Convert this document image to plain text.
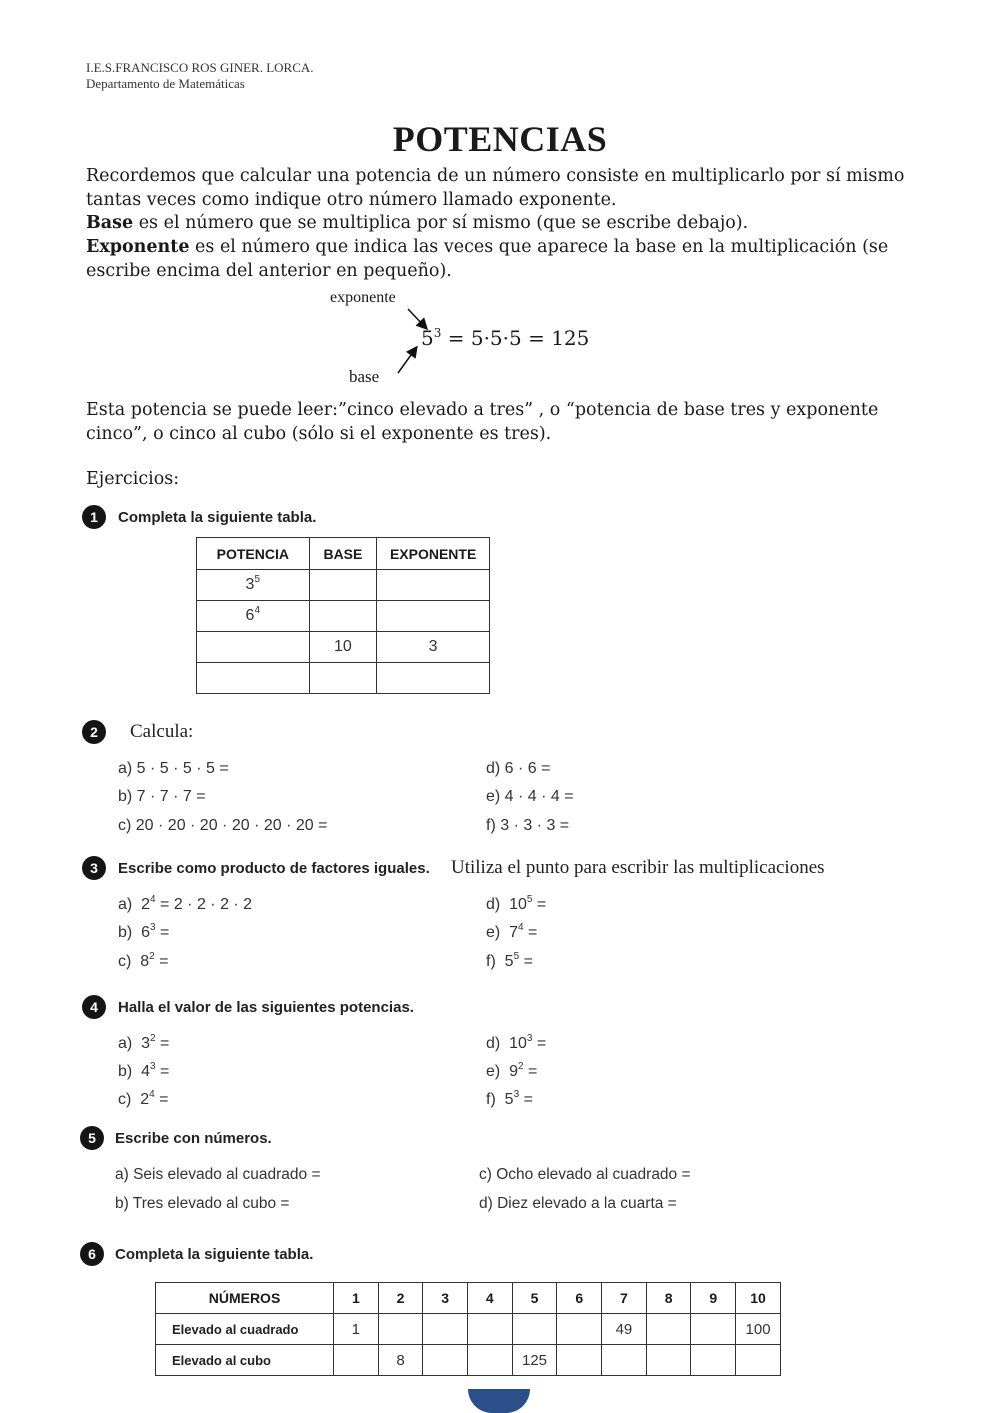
I.E.S.FRANCISCO ROS GINER. LORCA.
Departamento de Matemáticas
POTENCIAS
Recordemos que calcular una potencia de un número consiste en multiplicarlo por sí mismo tantas veces como indique otro número llamado exponente.
Base es el número que se multiplica por sí mismo (que se escribe debajo).
Exponente es el número que indica las veces que aparece la base en la multiplicación (se escribe encima del anterior en pequeño).
exponente
base
$5^3 = 5\cdot 5\cdot 5 = 125$
Esta potencia se puede leer:”cinco elevado a tres” , o “potencia de base tres y exponente cinco”, o cinco al cubo (sólo si el exponente es tres).
Ejercicios:
1	Completa la siguiente tabla.
POTENCIA	BASE	EXPONENTE
$3^5$		
$6^4$		
	10	3

2	Calcula:
a) 5 · 5 · 5 · 5 =
b) 7 · 7 · 7 =
c) 20 · 20 · 20 · 20 · 20 · 20 =
d) 6 · 6 =
e) 4 · 4 · 4 =
f) 3 · 3 · 3 =
3	Escribe como producto de factores iguales. Utiliza el punto para escribir las multiplicaciones
a) $2^4 = 2 \cdot 2 \cdot 2 \cdot 2$
b) $6^3$ =
c) $8^2$ =
d) $10^5$ =
e) $7^4$ =
f) $5^5$ =
4	Halla el valor de las siguientes potencias.
a) $3^2$ =
b) $4^3$ =
c) $2^4$ =
d) $10^3$ =
e) $9^2$ =
f) $5^3$ =
5	Escribe con números.
a) Seis elevado al cuadrado =
b) Tres elevado al cubo =
c) Ocho elevado al cuadrado =
d) Diez elevado a la cuarta =
6	Completa la siguiente tabla.
NÚMEROS	1	2	3	4	5	6	7	8	9	10
Elevado al cuadrado	1						49			100
Elevado al cubo		8			125					
